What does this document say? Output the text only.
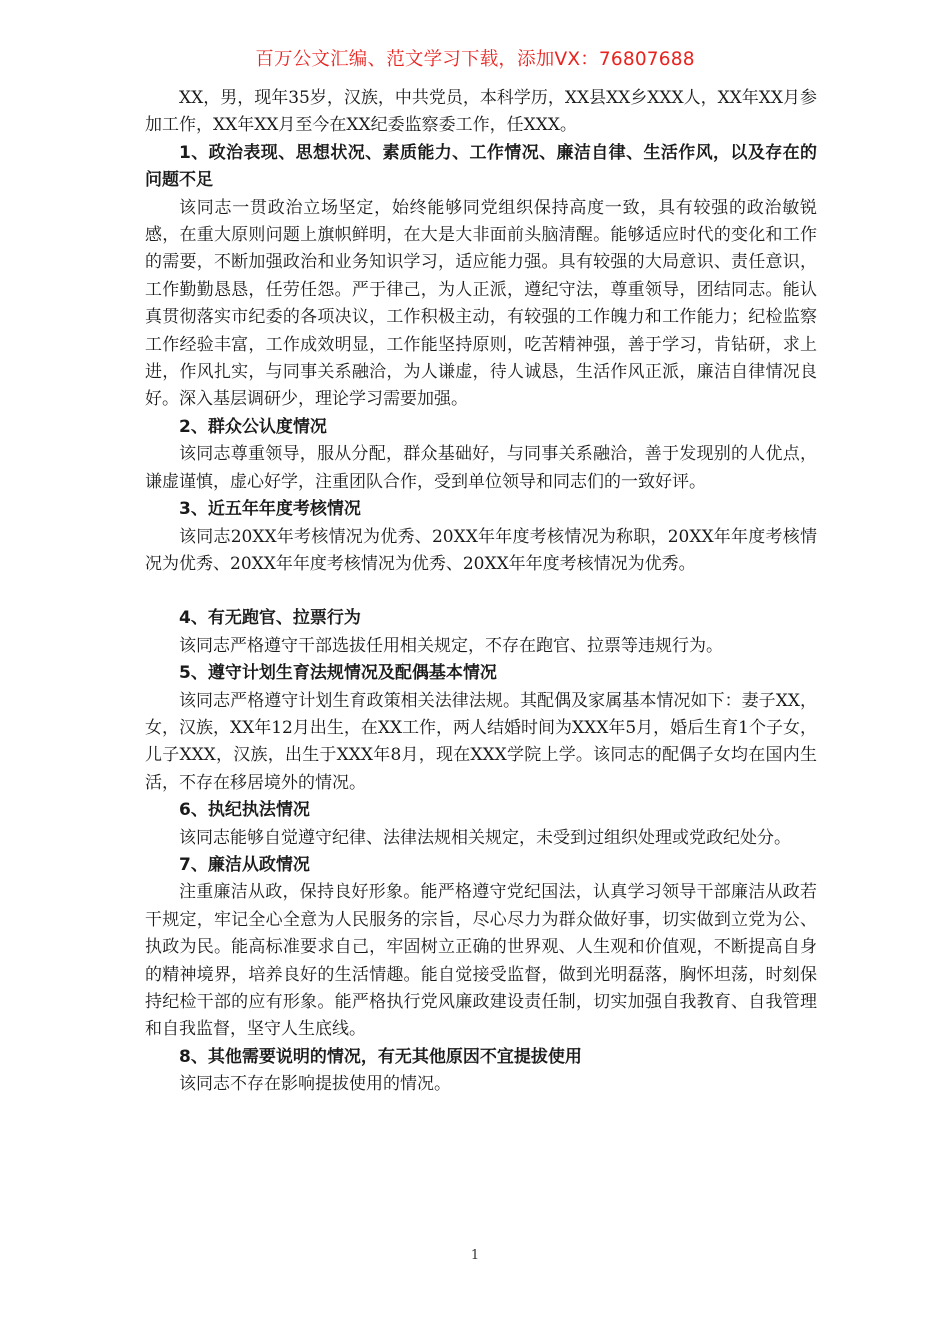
百万公文汇编、范文学习下载，添加VX：76807688

XX，男，现年35岁，汉族，中共党员，本科学历，XX县XX乡XXX人，XX年XX月参加工作，XX年XX月至今在XX纪委监察委工作，任XXX。

1、政治表现、思想状况、素质能力、工作情况、廉洁自律、生活作风，以及存在的问题不足

该同志一贯政治立场坚定，始终能够同党组织保持高度一致，具有较强的政治敏锐感，在重大原则问题上旗帜鲜明，在大是大非面前头脑清醒。能够适应时代的变化和工作的需要，不断加强政治和业务知识学习，适应能力强。具有较强的大局意识、责任意识，工作勤勤恳恳，任劳任怨。严于律己，为人正派，遵纪守法，尊重领导，团结同志。能认真贯彻落实市纪委的各项决议，工作积极主动，有较强的工作魄力和工作能力；纪检监察工作经验丰富，工作成效明显，工作能坚持原则，吃苦精神强，善于学习，肯钻研，求上进，作风扎实，与同事关系融洽，为人谦虚，待人诚恳，生活作风正派，廉洁自律情况良好。深入基层调研少，理论学习需要加强。

2、群众公认度情况

该同志尊重领导，服从分配，群众基础好，与同事关系融洽，善于发现别的人优点，谦虚谨慎，虚心好学，注重团队合作，受到单位领导和同志们的一致好评。

3、近五年年度考核情况

该同志20XX年考核情况为优秀、20XX年年度考核情况为称职，20XX年年度考核情况为优秀、20XX年年度考核情况为优秀、20XX年年度考核情况为优秀。

4、有无跑官、拉票行为

该同志严格遵守干部选拔任用相关规定，不存在跑官、拉票等违规行为。

5、遵守计划生育法规情况及配偶基本情况

该同志严格遵守计划生育政策相关法律法规。其配偶及家属基本情况如下：妻子XX，女，汉族，XX年12月出生，在XX工作，两人结婚时间为XXX年5月，婚后生育1个子女，儿子XXX，汉族，出生于XXX年8月，现在XXX学院上学。该同志的配偶子女均在国内生活，不存在移居境外的情况。

6、执纪执法情况

该同志能够自觉遵守纪律、法律法规相关规定，未受到过组织处理或党政纪处分。

7、廉洁从政情况

注重廉洁从政，保持良好形象。能严格遵守党纪国法，认真学习领导干部廉洁从政若干规定，牢记全心全意为人民服务的宗旨，尽心尽力为群众做好事，切实做到立党为公、执政为民。能高标准要求自己，牢固树立正确的世界观、人生观和价值观，不断提高自身的精神境界，培养良好的生活情趣。能自觉接受监督，做到光明磊落，胸怀坦荡，时刻保持纪检干部的应有形象。能严格执行党风廉政建设责任制，切实加强自我教育、自我管理和自我监督，坚守人生底线。

8、其他需要说明的情况，有无其他原因不宜提拔使用

该同志不存在影响提拔使用的情况。

1
